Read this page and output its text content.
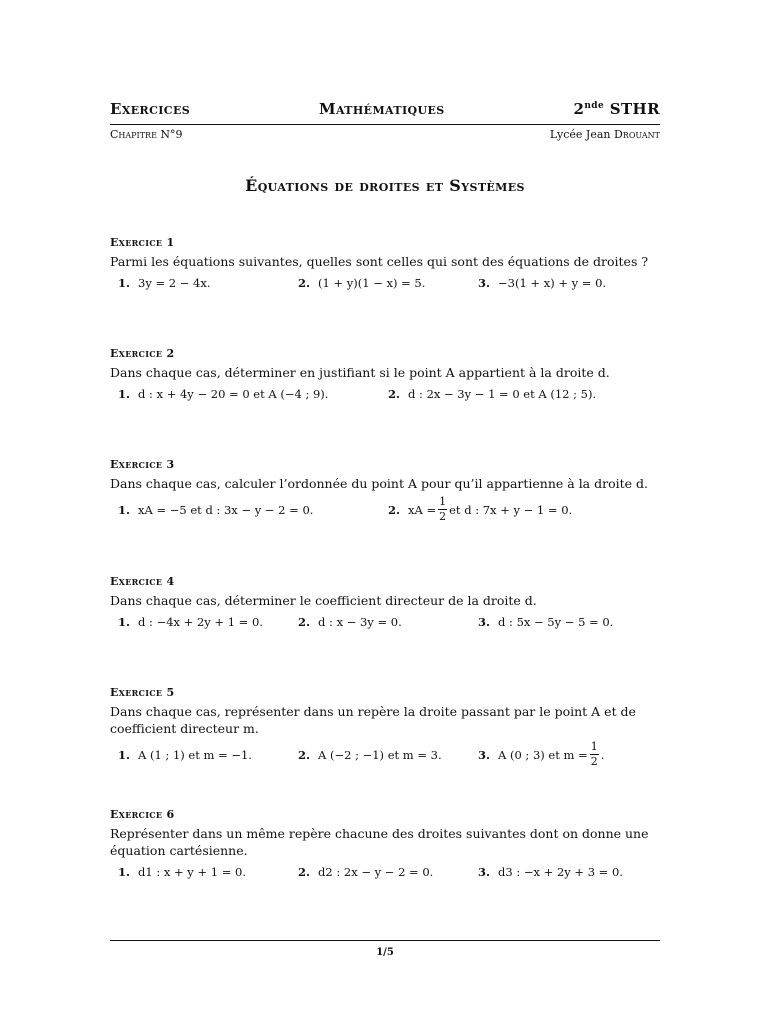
Exercices	Mathématiques	2nde STHR
Chapitre N°9	Lycée Jean Drouant
Équations de droites et Systèmes
Exercice 1
Parmi les équations suivantes, quelles sont celles qui sont des équations de droites ?
1. 3y = 2 − 4x.	2. (1 + y)(1 − x) = 5.	3. −3(1 + x) + y = 0.
Exercice 2
Dans chaque cas, déterminer en justifiant si le point A appartient à la droite d.
1. d : x + 4y − 20 = 0 et A (−4 ; 9).	2. d : 2x − 3y − 1 = 0 et A (12 ; 5).
Exercice 3
Dans chaque cas, calculer l’ordonnée du point A pour qu’il appartienne à la droite d.
1. xA = −5 et d : 3x − y − 2 = 0.	2. xA = $\frac{1}{2}$ et d : 7x + y − 1 = 0.
Exercice 4
Dans chaque cas, déterminer le coefficient directeur de la droite d.
1. d : −4x + 2y + 1 = 0.	2. d : x − 3y = 0.	3. d : 5x − 5y − 5 = 0.
Exercice 5
Dans chaque cas, représenter dans un repère la droite passant par le point A et de coefficient directeur m.
1. A (1 ; 1) et m = −1.	2. A (−2 ; −1) et m = 3.	3. A (0 ; 3) et $m = \frac{1}{2}$ .
Exercice 6
Représenter dans un même repère chacune des droites suivantes dont on donne une équation cartésienne.
1. d1 : x + y + 1 = 0.	2. d2 : 2x − y − 2 = 0.	3. d3 : −x + 2y + 3 = 0.
1/5
